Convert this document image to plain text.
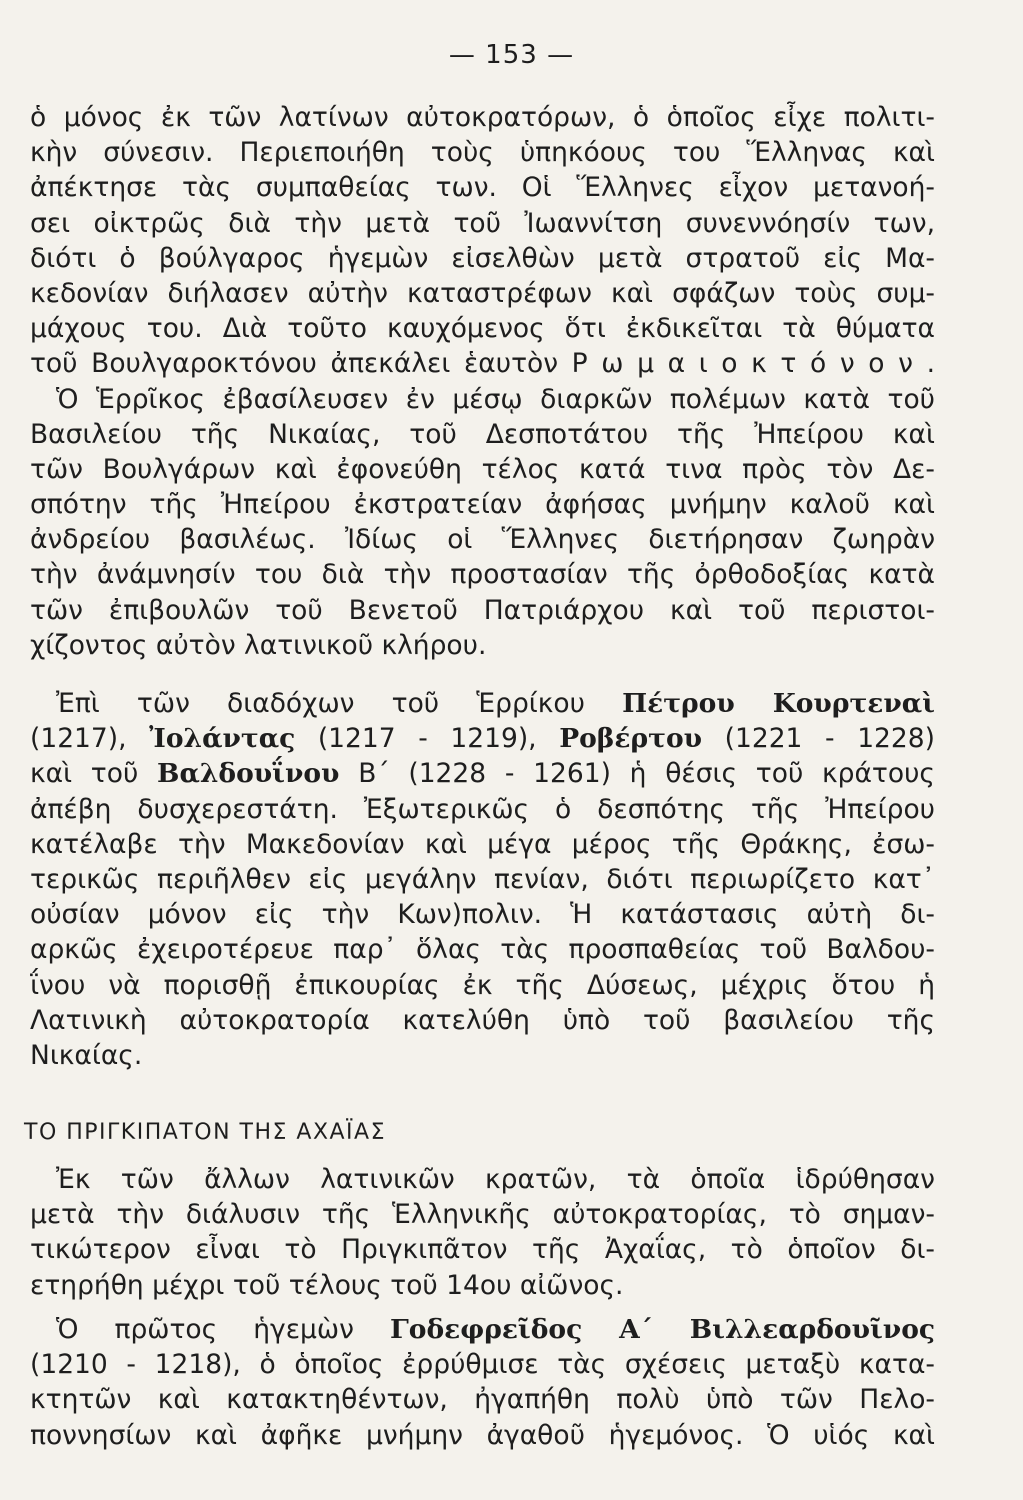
— 153 —
ὁ μόνος ἐκ τῶν λατίνων αὐτοκρατόρων, ὁ ὁποῖος εἶχε πολιτι-
κὴν σύνεσιν. Περιεποιήθη τοὺς ὑπηκόους του Ἕλληνας καὶ
ἀπέκτησε τὰς συμπαθείας των. Οἱ Ἕλληνες εἶχον μετανοή-
σει οἰκτρῶς διὰ τὴν μετὰ τοῦ Ἰωαννίτση συνεννόησίν των,
διότι ὁ βούλγαρος ἡγεμὼν εἰσελθὼν μετὰ στρατοῦ εἰς Μα-
κεδονίαν διήλασεν αὐτὴν καταστρέφων καὶ σφάζων τοὺς συμ-
μάχους του. Διὰ τοῦτο καυχόμενος ὅτι ἐκδικεῖται τὰ θύματα
τοῦ Βουλγαροκτόνου ἀπεκάλει ἑαυτὸν Ρ ω μ α ι ο κ τ ό ν ο ν .
Ὁ Ἑρρῖκος ἐβασίλευσεν ἐν μέσῳ διαρκῶν πολέμων κατὰ τοῦ
Βασιλείου τῆς Νικαίας, τοῦ Δεσποτάτου τῆς Ἠπείρου καὶ
τῶν Βουλγάρων καὶ ἐφονεύθη τέλος κατά τινα πρὸς τὸν Δε-
σπότην τῆς Ἠπείρου ἐκστρατείαν ἀφήσας μνήμην καλοῦ καὶ
ἀνδρείου βασιλέως. Ἰδίως οἱ Ἕλληνες διετήρησαν ζωηρὰν
τὴν ἀνάμνησίν του διὰ τὴν προστασίαν τῆς ὀρθοδοξίας κατὰ
τῶν ἐπιβουλῶν τοῦ Βενετοῦ Πατριάρχου καὶ τοῦ περιστοι-
χίζοντος αὐτὸν λατινικοῦ κλήρου.
Ἐπὶ τῶν διαδόχων τοῦ Ἑρρίκου Πέτρου Κουρτεναὶ
(1217), Ἰολάντας (1217 - 1219), Ροβέρτου (1221 - 1228)
καὶ τοῦ Βαλδουΐνου Β΄ (1228 - 1261) ἡ θέσις τοῦ κράτους
ἀπέβη δυσχερεστάτη. Ἐξωτερικῶς ὁ δεσπότης τῆς Ἠπείρου
κατέλαβε τὴν Μακεδονίαν καὶ μέγα μέρος τῆς Θράκης, ἐσω-
τερικῶς περιῆλθεν εἰς μεγάλην πενίαν, διότι περιωρίζετο κατ᾿
οὐσίαν μόνον εἰς τὴν Κων)πολιν. Ἡ κατάστασις αὐτὴ δι-
αρκῶς ἐχειροτέρευε παρ᾿ ὅλας τὰς προσπαθείας τοῦ Βαλδου-
ΐνου νὰ πορισθῇ ἐπικουρίας ἐκ τῆς Δύσεως, μέχρις ὅτου ἡ
Λατινικὴ αὐτοκρατορία κατελύθη ὑπὸ τοῦ βασιλείου τῆς
Νικαίας.
ΤΟ ΠΡΙΓΚΙΠΑΤΟΝ ΤΗΣ ΑΧΑΪΑΣ
Ἐκ τῶν ἄλλων λατινικῶν κρατῶν, τὰ ὁποῖα ἱδρύθησαν
μετὰ τὴν διάλυσιν τῆς Ἑλληνικῆς αὐτοκρατορίας, τὸ σημαν-
τικώτερον εἶναι τὸ Πριγκιπᾶτον τῆς Ἀχαΐας, τὸ ὁποῖον δι-
ετηρήθη μέχρι τοῦ τέλους τοῦ 14ου αἰῶνος.
Ὁ πρῶτος ἡγεμὼν Γοδεφρεῖδος Α΄ Βιλλεαρδουῖνος
(1210 - 1218), ὁ ὁποῖος ἐρρύθμισε τὰς σχέσεις μεταξὺ κατα-
κτητῶν καὶ κατακτηθέντων, ἠγαπήθη πολὺ ὑπὸ τῶν Πελο-
ποννησίων καὶ ἀφῆκε μνήμην ἀγαθοῦ ἡγεμόνος. Ὁ υἱός καὶ
